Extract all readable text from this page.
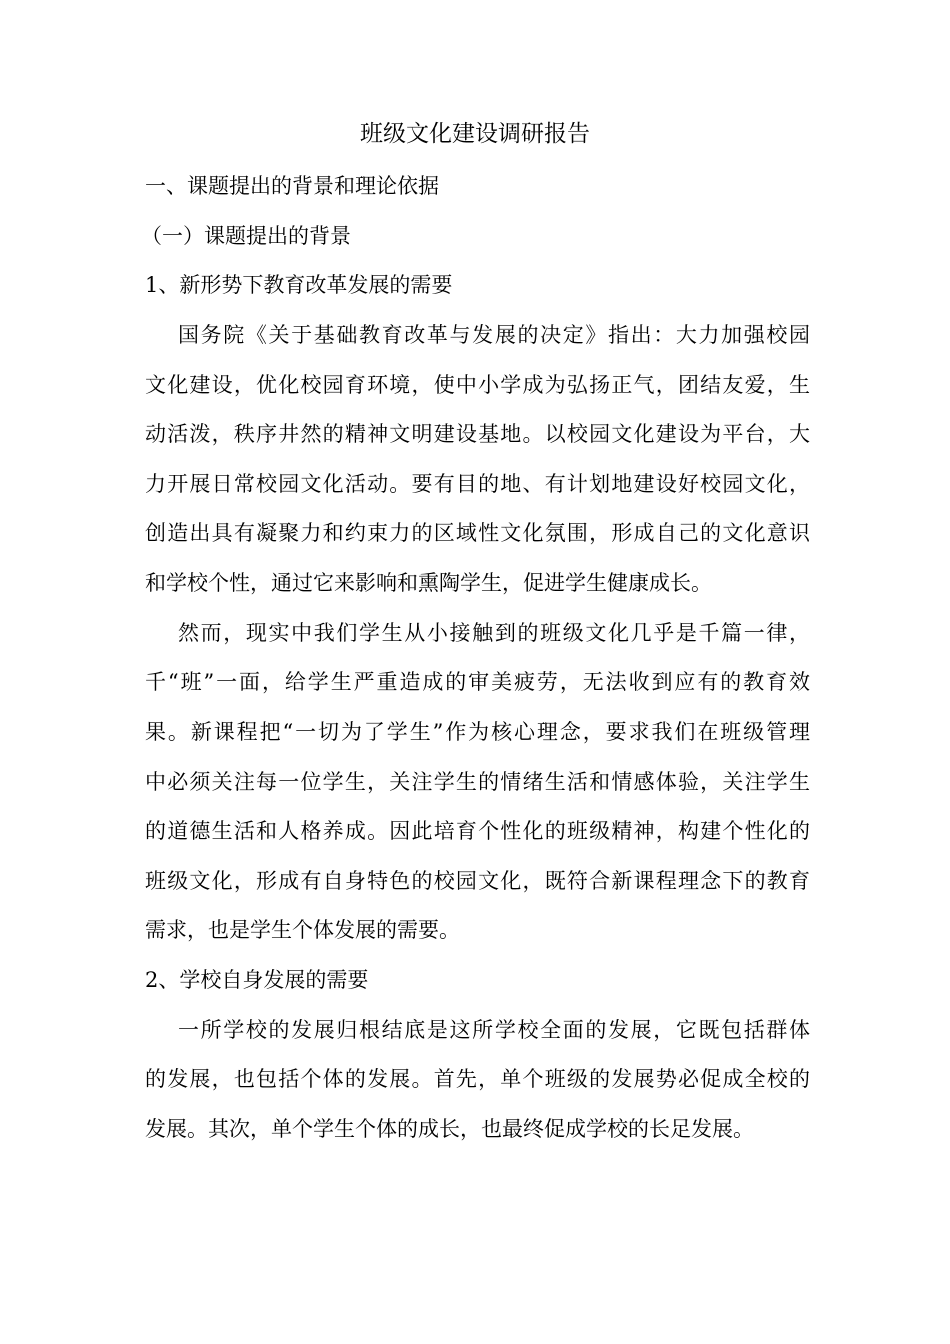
班级文化建设调研报告
一、课题提出的背景和理论依据
（一）课题提出的背景
1、新形势下教育改革发展的需要
国务院《关于基础教育改革与发展的决定》指出：大力加强校园
文化建设，优化校园育环境，使中小学成为弘扬正气，团结友爱，生
动活泼，秩序井然的精神文明建设基地。以校园文化建设为平台，大
力开展日常校园文化活动。要有目的地、有计划地建设好校园文化，
创造出具有凝聚力和约束力的区域性文化氛围，形成自己的文化意识
和学校个性，通过它来影响和熏陶学生，促进学生健康成长。
然而，现实中我们学生从小接触到的班级文化几乎是千篇一律，
千“班”一面，给学生严重造成的审美疲劳，无法收到应有的教育效
果。新课程把“一切为了学生”作为核心理念，要求我们在班级管理
中必须关注每一位学生，关注学生的情绪生活和情感体验，关注学生
的道德生活和人格养成。因此培育个性化的班级精神，构建个性化的
班级文化，形成有自身特色的校园文化，既符合新课程理念下的教育
需求，也是学生个体发展的需要。
2、学校自身发展的需要
一所学校的发展归根结底是这所学校全面的发展，它既包括群体
的发展，也包括个体的发展。首先，单个班级的发展势必促成全校的
发展。其次，单个学生个体的成长，也最终促成学校的长足发展。
